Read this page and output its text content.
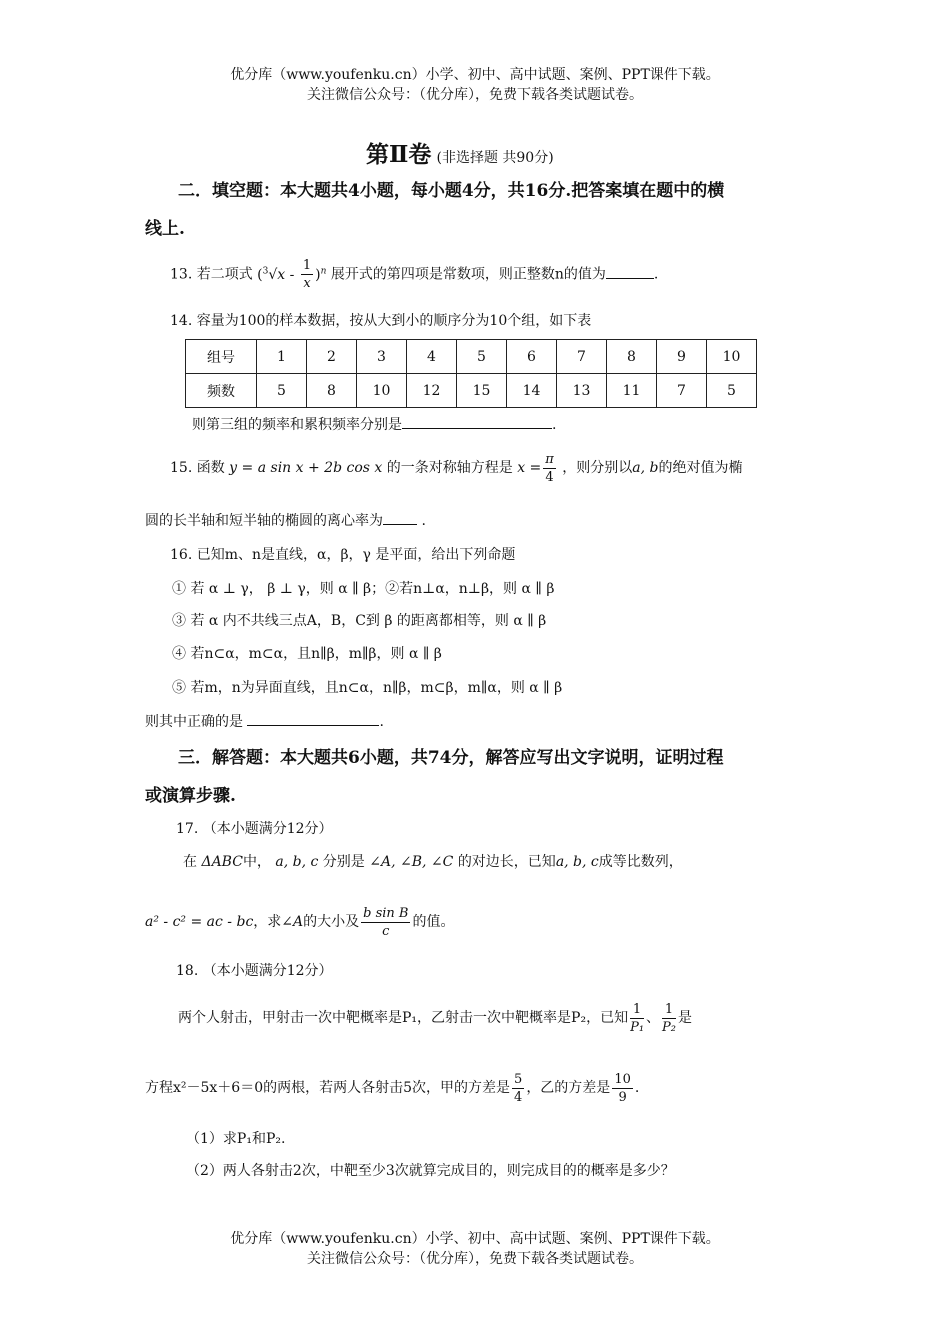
优分库（www.youfenku.cn）小学、初中、高中试题、案例、PPT课件下载。
关注微信公众号：（优分库），免费下载各类试题试卷。
第Ⅱ卷 (非选择题 共90分)
二．填空题：本大题共4小题，每小题4分，共16分.把答案填在题中的横
线上.
13. 若二项式 $(^3√x - \frac{1}{x} )^n$ 展开式的第四项是常数项，则正整数n的值为	.
14. 容量为100的样本数据，按从大到小的顺序分为10个组，如下表
组号	1	2	3	4	5	6	7	8	9	10
频数	5	8	10	12	15	14	13	11	7	5
则第三组的频率和累积频率分别是	.
15. 函数 y = a sin x + 2b cos x 的一条对称轴方程是 $x = \frac{\pi}{4}$ ，则分别以a, b的绝对值为椭
圆的长半轴和短半轴的椭圆的离心率为	.
16. 已知m、n是直线，α，β，γ 是平面，给出下列命题
① 若 α ⊥ γ， β ⊥ γ，则 α ∥ β；②若n⊥α，n⊥β，则 α ∥ β
③ 若 α 内不共线三点A，B，C到 β 的距离都相等，则 α ∥ β
④ 若n⊂α，m⊂α，且n∥β，m∥β，则 α ∥ β
⑤ 若m，n为异面直线，且n⊂α，n∥β，m⊂β，m∥α，则 α ∥ β
则其中正确的是	.
三．解答题：本大题共6小题，共74分，解答应写出文字说明，证明过程
或演算步骤.
17. （本小题满分12分）
在 ΔABC中， a, b, c 分别是 ∠A, ∠B, ∠C 的对边长，已知a, b, c成等比数列，
a² - c² = ac - bc，求∠A的大小及 $\frac{\text{b sin B}}{c}$ 的值。
18. （本小题满分12分）
两个人射击，甲射击一次中靶概率是P₁，乙射击一次中靶概率是P₂，已知 $\frac{1}{\text{P₁}}$ 、 $\frac{1}{\text{P₂}}$ 是
方程x²－5x＋6＝0的两根，若两人各射击5次，甲的方差是 $\frac{5}{4}$ ，乙的方差是 $\frac{10}{9}$ .
（1）求P₁和P₂.
（2）两人各射击2次，中靶至少3次就算完成目的，则完成目的的概率是多少？
优分库（www.youfenku.cn）小学、初中、高中试题、案例、PPT课件下载。
关注微信公众号：（优分库），免费下载各类试题试卷。
